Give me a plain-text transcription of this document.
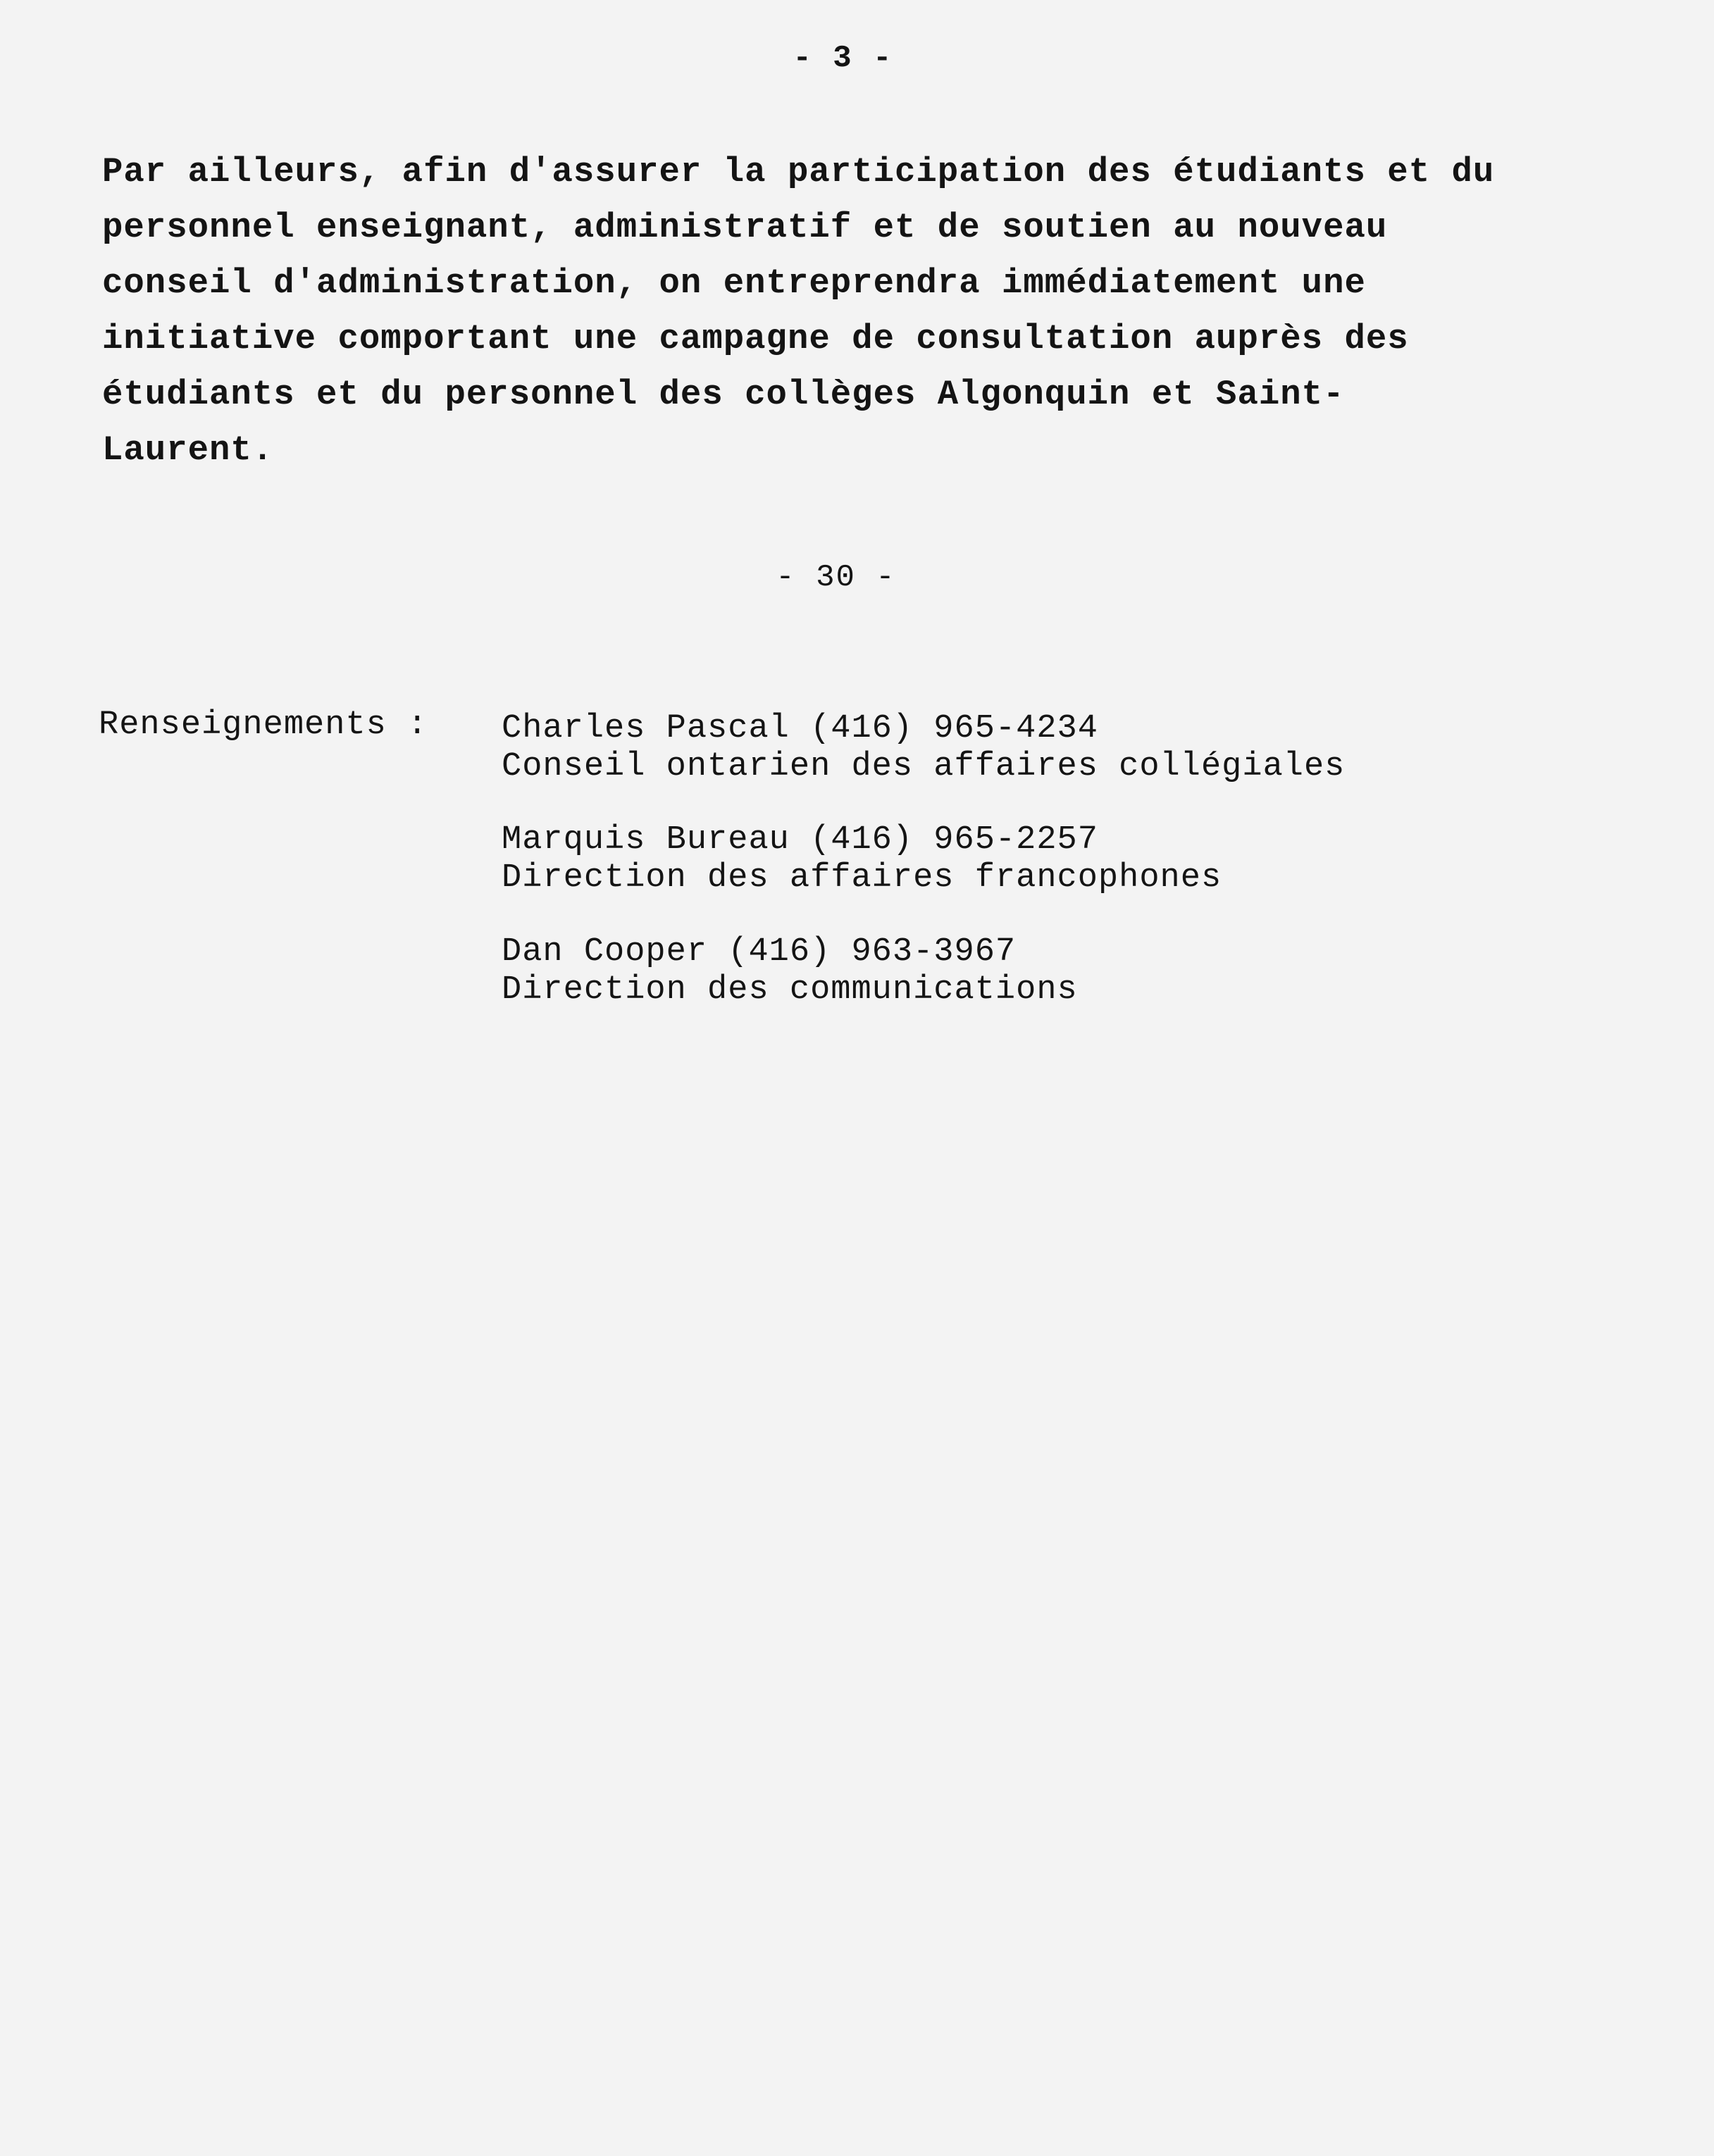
- 3 -
Par ailleurs, afin d'assurer la participation des étudiants et du
personnel enseignant, administratif et de soutien au nouveau
conseil d'administration, on entreprendra immédiatement une
initiative comportant une campagne de consultation auprès des
étudiants et du personnel des collèges Algonquin et Saint-
Laurent.
- 30 -
Renseignements : Charles Pascal (416) 965-4234
Conseil ontarien des affaires collégiales
Marquis Bureau (416) 965-2257
Direction des affaires francophones
Dan Cooper (416) 963-3967
Direction des communications
